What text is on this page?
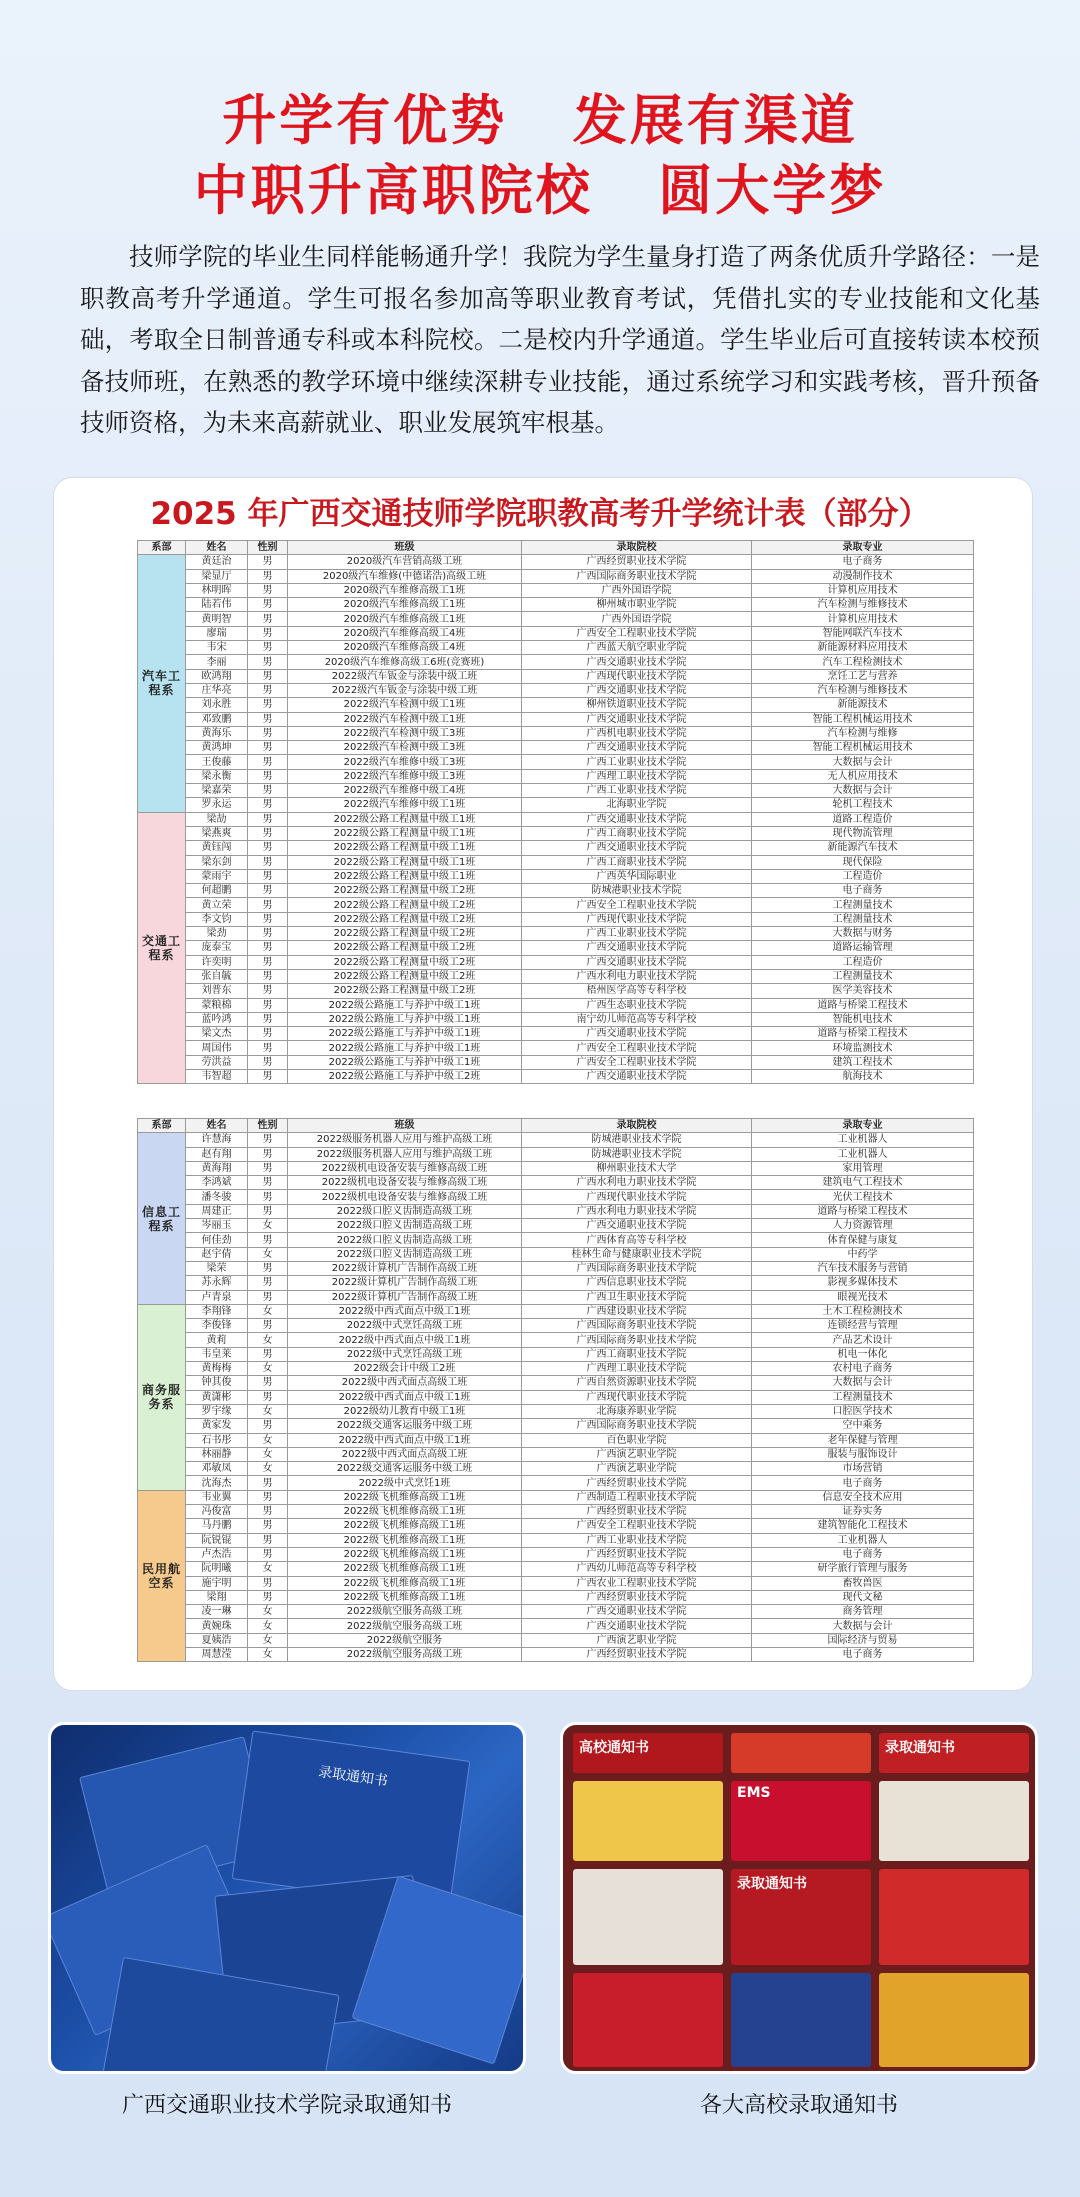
升学有优势   发展有渠道
中职升高职院校   圆大学梦

技师学院的毕业生同样能畅通升学！我院为学生量身打造了两条优质升学路径：一是职教高考升学通道。学生可报名参加高等职业教育考试，凭借扎实的专业技能和文化基础，考取全日制普通专科或本科院校。二是校内升学通道。学生毕业后可直接转读本校预备技师班，在熟悉的教学环境中继续深耕专业技能，通过系统学习和实践考核，晋升预备技师资格，为未来高薪就业、职业发展筑牢根基。

2025 年广西交通技师学院职教高考升学统计表（部分）
系部	姓名	性别	班级	录取院校	录取专业
汽车工程系	黄廷治	男	2020级汽车营销高级工班	广西经贸职业技术学院	电子商务
	梁显厅	男	2020级汽车维修(中德诺浩)高级工班	广西国际商务职业技术学院	动漫制作技术
	林明晖	男	2020级汽车维修高级工1班	广西外国语学院	计算机应用技术
	陆若伟	男	2020级汽车维修高级工1班	柳州城市职业学院	汽车检测与维修技术
	黄明智	男	2020级汽车维修高级工1班	广西外国语学院	计算机应用技术
	廖瑞	男	2020级汽车维修高级工4班	广西安全工程职业技术学院	智能网联汽车技术
	韦宋	男	2020级汽车维修高级工4班	广西蓝天航空职业学院	新能源材料应用技术
	李丽	男	2020级汽车维修高级工6班(竞赛班)	广西交通职业技术学院	汽车工程检测技术
	欧鸿翔	男	2022级汽车钣金与涂装中级工班	广西现代职业技术学院	烹饪工艺与营养
	庄华亮	男	2022级汽车钣金与涂装中级工班	广西交通职业技术学院	汽车检测与维修技术
	刘永胜	男	2022级汽车检测中级工1班	柳州铁道职业技术学院	新能源技术
	邓致鹏	男	2022级汽车检测中级工1班	广西交通职业技术学院	智能工程机械运用技术
	黄海乐	男	2022级汽车检测中级工3班	广西机电职业技术学院	汽车检测与维修
	黄鸿坤	男	2022级汽车检测中级工3班	广西交通职业技术学院	智能工程机械运用技术
	王俊藤	男	2022级汽车维修中级工3班	广西工业职业技术学院	大数据与会计
	梁永衡	男	2022级汽车维修中级工3班	广西理工职业技术学院	无人机应用技术
	梁嘉荣	男	2022级汽车维修中级工4班	广西工业职业技术学院	大数据与会计
	罗永运	男	2022级汽车维修中级工1班	北海职业学院	轮机工程技术
交通工程系	梁劼	男	2022级公路工程测量中级工1班	广西交通职业技术学院	道路工程造价
	梁燕爽	男	2022级公路工程测量中级工1班	广西工商职业技术学院	现代物流管理
	黄钰闯	男	2022级公路工程测量中级工1班	广西交通职业技术学院	新能源汽车技术
	梁东剑	男	2022级公路工程测量中级工1班	广西工商职业技术学院	现代保险
	蒙雨宇	男	2022级公路工程测量中级工1班	广西英华国际职业	工程造价
	何超鹏	男	2022级公路工程测量中级工2班	防城港职业技术学院	电子商务
	黄立荣	男	2022级公路工程测量中级工2班	广西安全工程职业技术学院	工程测量技术
	李文钧	男	2022级公路工程测量中级工2班	广西现代职业技术学院	工程测量技术
	梁劲	男	2022级公路工程测量中级工2班	广西工业职业技术学院	大数据与财务
	庞泰宝	男	2022级公路工程测量中级工2班	广西交通职业技术学院	道路运输管理
	许奕明	男	2022级公路工程测量中级工2班	广西交通职业技术学院	工程造价
	张自毓	男	2022级公路工程测量中级工2班	广西水利电力职业技术学院	工程测量技术
	刘普东	男	2022级公路工程测量中级工2班	梧州医学高等专科学校	医学美容技术
	蒙粮棉	男	2022级公路施工与养护中级工1班	广西生态职业技术学院	道路与桥梁工程技术
	蓝吟鸿	男	2022级公路施工与养护中级工1班	南宁幼儿师范高等专科学校	智能机电技术
	梁文杰	男	2022级公路施工与养护中级工1班	广西交通职业技术学院	道路与桥梁工程技术
	周国伟	男	2022级公路施工与养护中级工1班	广西安全工程职业技术学院	环境监测技术
	劳洪益	男	2022级公路施工与养护中级工1班	广西安全工程职业技术学院	建筑工程技术
	韦智超	男	2022级公路施工与养护中级工2班	广西交通职业技术学院	航海技术
系部	姓名	性别	班级	录取院校	录取专业
信息工程系	许慧海	男	2022级服务机器人应用与维护高级工班	防城港职业技术学院	工业机器人
	赵有翔	男	2022级服务机器人应用与维护高级工班	防城港职业技术学院	工业机器人
	黄海翔	男	2022级机电设备安装与维修高级工班	柳州职业技术大学	家用管理
	李鸿斌	男	2022级机电设备安装与维修高级工班	广西水利电力职业技术学院	建筑电气工程技术
	潘冬骏	男	2022级机电设备安装与维修高级工班	广西现代职业技术学院	光伏工程技术
	周建正	男	2022级口腔义齿制造高级工班	广西水利电力职业技术学院	道路与桥梁工程技术
	岑丽玉	女	2022级口腔义齿制造高级工班	广西交通职业技术学院	人力资源管理
	何佳劲	男	2022级口腔义齿制造高级工班	广西体育高等专科学校	体育保健与康复
	赵宇倩	女	2022级口腔义齿制造高级工班	桂林生命与健康职业技术学院	中药学
	梁荣	男	2022级计算机广告制作高级工班	广西国际商务职业技术学院	汽车技术服务与营销
	苏永辉	男	2022级计算机广告制作高级工班	广西信息职业技术学院	影视多媒体技术
	卢青泉	男	2022级计算机广告制作高级工班	广西卫生职业技术学院	眼视光技术
商务服务系	李翔锋	女	2022级中西式面点中级工1班	广西建设职业技术学院	土木工程检测技术
	李俊锋	男	2022级中式烹饪高级工班	广西国际商务职业技术学院	连锁经营与管理
	黄莉	女	2022级中西式面点中级工1班	广西国际商务职业技术学院	产品艺术设计
	韦皇莱	男	2022级中式烹饪高级工班	广西工商职业技术学院	机电一体化
	黄梅梅	女	2022级会计中级工2班	广西理工职业技术学院	农村电子商务
	钟其俊	男	2022级中西式面点高级工班	广西自然资源职业技术学院	大数据与会计
	黄潇彬	男	2022级中西式面点中级工1班	广西现代职业技术学院	工程测量技术
	罗宇缘	女	2022级幼儿教育中级工1班	北海康养职业学院	口腔医学技术
	黄家发	男	2022级交通客运服务中级工班	广西国际商务职业技术学院	空中乘务
	石书彤	女	2022级中西式面点中级工1班	百色职业学院	老年保健与管理
	林丽静	女	2022级中西式面点高级工班	广西演艺职业学院	服装与服饰设计
	邓敏凤	女	2022级交通客运服务中级工班	广西演艺职业学院	市场营销
	沈海杰	男	2022级中式烹饪1班	广西经贸职业技术学院	电子商务
民用航空系	韦业翼	男	2022级飞机维修高级工1班	广西制造工程职业技术学院	信息安全技术应用
	冯俊富	男	2022级飞机维修高级工1班	广西经贸职业技术学院	证券实务
	马丹鹏	男	2022级飞机维修高级工1班	广西安全工程职业技术学院	建筑智能化工程技术
	阮锐锟	男	2022级飞机维修高级工1班	广西工业职业技术学院	工业机器人
	卢杰浩	男	2022级飞机维修高级工1班	广西经贸职业技术学院	电子商务
	阮明曦	女	2022级飞机维修高级工1班	广西幼儿师范高等专科学校	研学旅行管理与服务
	施宇明	男	2022级飞机维修高级工1班	广西农业工程职业技术学院	畜牧兽医
	梁翔	男	2022级飞机维修高级工1班	广西经贸职业技术学院	现代文秘
	凌一琳	女	2022级航空服务高级工班	广西交通职业技术学院	商务管理
	黄婉珠	女	2022级航空服务高级工班	广西交通职业技术学院	大数据与会计
	夏姨浩	女	2022级航空服务	广西演艺职业学院	国际经济与贸易
	周慧滢	女	2022级航空服务高级工班	广西经贸职业技术学院	电子商务
录取通知书
高校通知书	录取通知书
EMS
录取通知书
广西交通职业技术学院录取通知书	各大高校录取通知书
